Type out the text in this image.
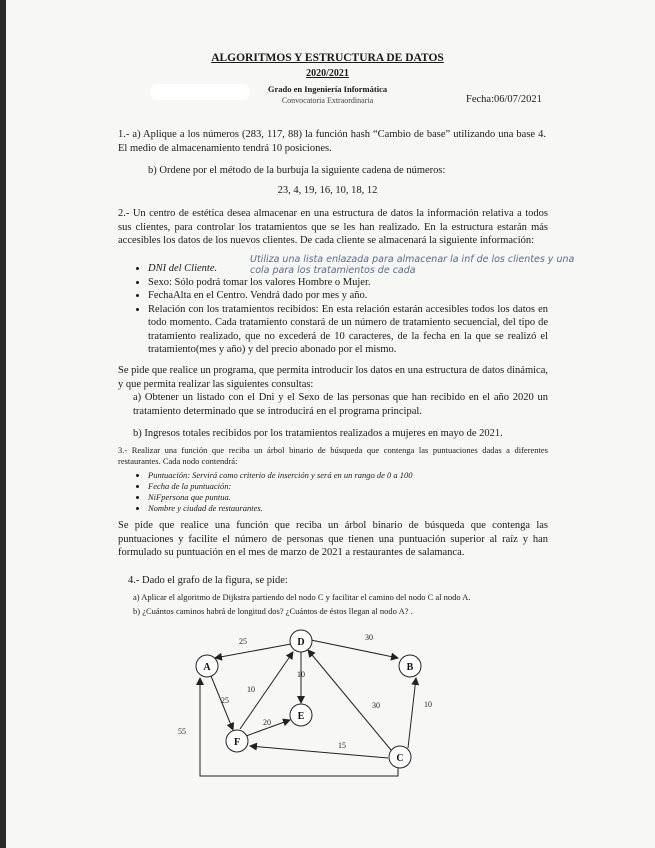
ALGORITMOS Y ESTRUCTURA DE DATOS
2020/2021
Grado en Ingeniería Informática
Convocatoria Extraordinaria	Fecha:06/07/2021
1.- a) Aplique a los números (283, 117, 88) la función hash “Cambio de base” utilizando una base 4. El medio de almacenamiento tendrá 10 posiciones.
b) Ordene por el método de la burbuja la siguiente cadena de números:
23, 4, 19, 16, 10, 18, 12
2.- Un centro de estética desea almacenar en una estructura de datos la información relativa a todos sus clientes, para controlar los tratamientos que se les han realizado. En la estructura estarán más accesibles los datos de los nuevos clientes. De cada cliente se almacenará la siguiente información:
• DNI del Cliente.
• Sexo: Sólo podrá tomar los valores Hombre o Mujer.
• FechaAlta en el Centro. Vendrá dado por mes y año.
• Relación con los tratamientos recibidos: En esta relación estarán accesibles todos los datos en todo momento. Cada tratamiento constará de un número de tratamiento secuencial, del tipo de tratamiento realizado, que no excederá de 10 caracteres, de la fecha en la que se realizó el tratamiento(mes y año) y del precio abonado por el mismo.
Utiliza una lista enlazada para almacenar la inf de los clientes y una cola para los tratamientos de cada
Se pide que realice un programa, que permita introducir los datos en una estructura de datos dinámica, y que permita realizar las siguientes consultas:
a) Obtener un listado con el Dni y el Sexo de las personas que han recibido en el año 2020 un tratamiento determinado que se introducirá en el programa principal.
b) Ingresos totales recibidos por los tratamientos realizados a mujeres en mayo de 2021.
3.- Realizar una función que reciba un árbol binario de búsqueda que contenga las puntuaciones dadas a diferentes restaurantes. Cada nodo contendrá:
• Puntuación: Servirá como criterio de inserción y será en un rango de 0 a 100
• Fecha de la puntuación:
• NiFpersona que puntua.
• Nombre y ciudad de restaurantes.
Se pide que realice una función que reciba un árbol binario de búsqueda que contenga las puntuaciones y facilite el número de personas que tienen una puntuación superior al raíz y han formulado su puntuación en el mes de marzo de 2021 a restaurantes de salamanca.
4.- Dado el grafo de la figura, se pide:
a) Aplicar el algoritmo de Dijkstra partiendo del nodo C y facilitar el camino del nodo C al nodo A.
b) ¿Cuántos caminos habrá de longitud dos? ¿Cuántos de éstos llegan al nodo A? .
A	B
C
D
E
F
25	30
10
25
10
20
30	10
15
55
